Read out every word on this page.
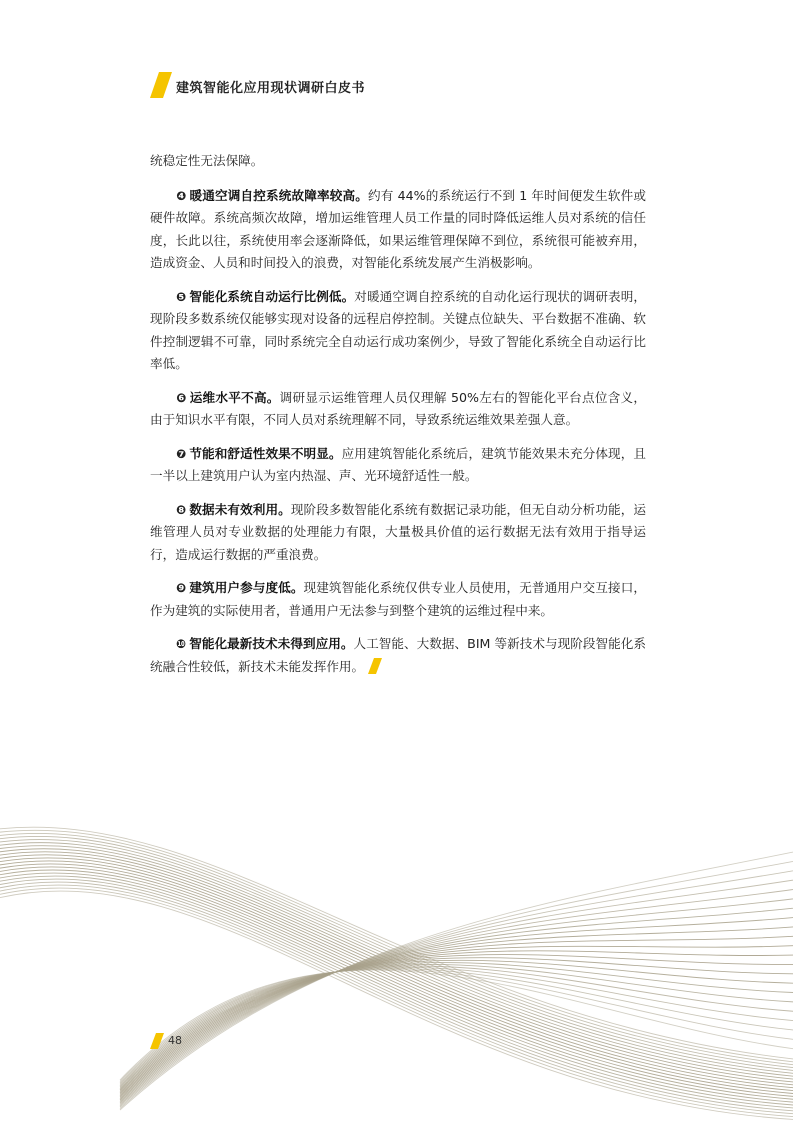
建筑智能化应用现状调研白皮书

统稳定性无法保障。

❹ 暖通空调自控系统故障率较高。约有 44%的系统运行不到 1 年时间便发生软件或硬件故障。系统高频次故障，增加运维管理人员工作量的同时降低运维人员对系统的信任度，长此以往，系统使用率会逐渐降低，如果运维管理保障不到位，系统很可能被弃用，造成资金、人员和时间投入的浪费，对智能化系统发展产生消极影响。

❺ 智能化系统自动运行比例低。对暖通空调自控系统的自动化运行现状的调研表明，现阶段多数系统仅能够实现对设备的远程启停控制。关键点位缺失、平台数据不准确、软件控制逻辑不可靠，同时系统完全自动运行成功案例少，导致了智能化系统全自动运行比率低。

❻ 运维水平不高。调研显示运维管理人员仅理解 50%左右的智能化平台点位含义，由于知识水平有限，不同人员对系统理解不同，导致系统运维效果差强人意。

❼ 节能和舒适性效果不明显。应用建筑智能化系统后，建筑节能效果未充分体现，且一半以上建筑用户认为室内热湿、声、光环境舒适性一般。

❽ 数据未有效利用。现阶段多数智能化系统有数据记录功能，但无自动分析功能，运维管理人员对专业数据的处理能力有限，大量极具价值的运行数据无法有效用于指导运行，造成运行数据的严重浪费。

❾ 建筑用户参与度低。现建筑智能化系统仅供专业人员使用，无普通用户交互接口，作为建筑的实际使用者，普通用户无法参与到整个建筑的运维过程中来。

❿ 智能化最新技术未得到应用。人工智能、大数据、BIM 等新技术与现阶段智能化系统融合性较低，新技术未能发挥作用。

48
